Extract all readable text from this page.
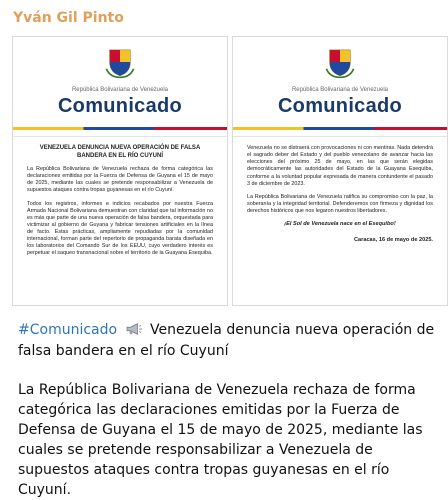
Yván Gil Pinto
República Bolivariana de Venezuela
Comunicado
VENEZUELA DENUNCIA NUEVA OPERACIÓN DE FALSA BANDERA EN EL RÍO CUYUNÍ

La República Bolivariana de Venezuela rechaza de forma categórica las declaraciones emitidas por la Fuerza de Defensa de Guyana el 15 de mayo de 2025, mediante las cuales se pretende responsabilizar a Venezuela de supuestos ataques contra tropas guyanesas en el río Cuyuní.

Todos los registros, informes e indicios recabados por nuestra Fuerza Armada Nacional Bolivariana demuestran con claridad que tal información no es más que parte de una nueva operación de falsa bandera, orquestada para victimizar al gobierno de Guyana y fabricar tensiones artificiales en la línea de facto. Estas prácticas, ampliamente repudiadas por la comunidad internacional, forman parte del repertorio de propaganda barata diseñada en los laboratorios del Comando Sur de los EEUU, cuyo verdadero interés es perpetuar el saqueo transnacional sobre el territorio de la Guayana Esequiba.

República Bolivariana de Venezuela
Comunicado

Venezuela no se distraerá con provocaciones ni con mentiras. Nada detendrá el sagrado deber del Estado y del pueblo venezolano de avanzar hacia las elecciones del próximo 25 de mayo, en las que serán elegidas democráticamente las autoridades del Estado de la Guayana Esequiba, conforme a la voluntad popular expresada de manera contundente el pasado 3 de diciembre de 2023.

La República Bolivariana de Venezuela ratifica su compromiso con la paz, la soberanía y la integridad territorial. Defenderemos con firmeza y dignidad los derechos históricos que nos legaron nuestros libertadores.

¡El Sol de Venezuela nace en el Esequibo!
Caracas, 16 de mayo de 2025.
#Comunicado Venezuela denuncia nueva operación de falsa bandera en el río Cuyuní
La República Bolivariana de Venezuela rechaza de forma categórica las declaraciones emitidas por la Fuerza de Defensa de Guyana el 15 de mayo de 2025, mediante las cuales se pretende responsabilizar a Venezuela de supuestos ataques contra tropas guyanesas en el río Cuyuní.
